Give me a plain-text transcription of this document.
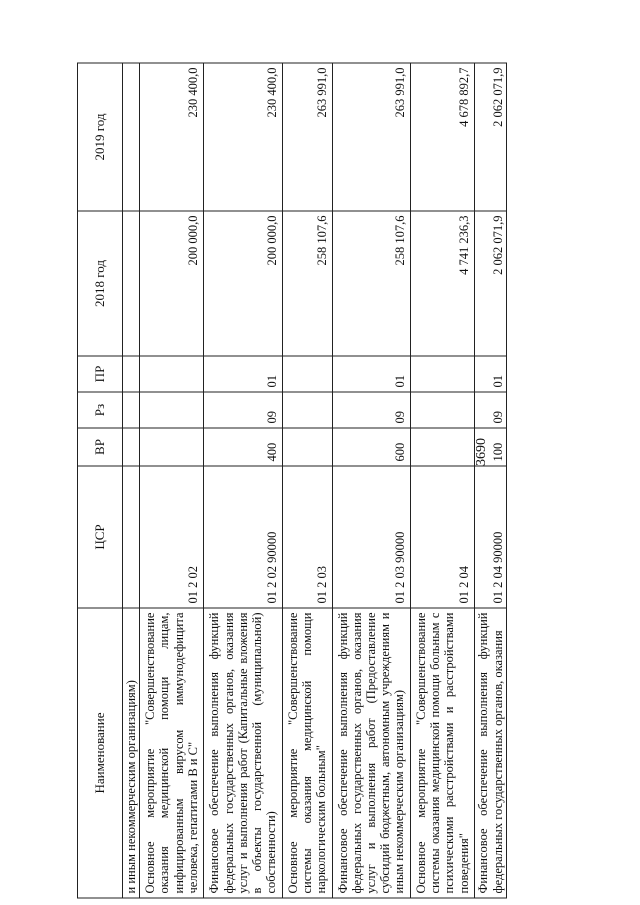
3690
Наименование	ЦСР	ВР	Рз	ПР	2018 год	2019 год
и иным некоммерческим организациям)						
Основное мероприятие "Совершенствование оказания медицинской помощи лицам, инфицированным вирусом иммунодефицита человека, гепатитами B и C"	01 2 02				200 000,0	230 400,0
Финансовое обеспечение выполнения функций федеральных государственных органов, оказания услуг и выполнения работ (Капитальные вложения в объекты государственной (муниципальной) собственности)	01 2 02 90000	400	09	01	200 000,0	230 400,0
Основное мероприятие "Совершенствование системы оказания медицинской помощи наркологическим больным"	01 2 03				258 107,6	263 991,0
Финансовое обеспечение выполнения функций федеральных государственных органов, оказания услуг и выполнения работ (Предоставление субсидий бюджетным, автономным учреждениям и иным некоммерческим организациям)	01 2 03 90000	600	09	01	258 107,6	263 991,0
Основное мероприятие "Совершенствование системы оказания медицинской помощи больным с психическими расстройствами и расстройствами поведения"	01 2 04				4 741 236,3	4 678 892,7
Финансовое обеспечение выполнения функций федеральных государственных органов, оказания	01 2 04 90000	100	09	01	2 062 071,9	2 062 071,9
